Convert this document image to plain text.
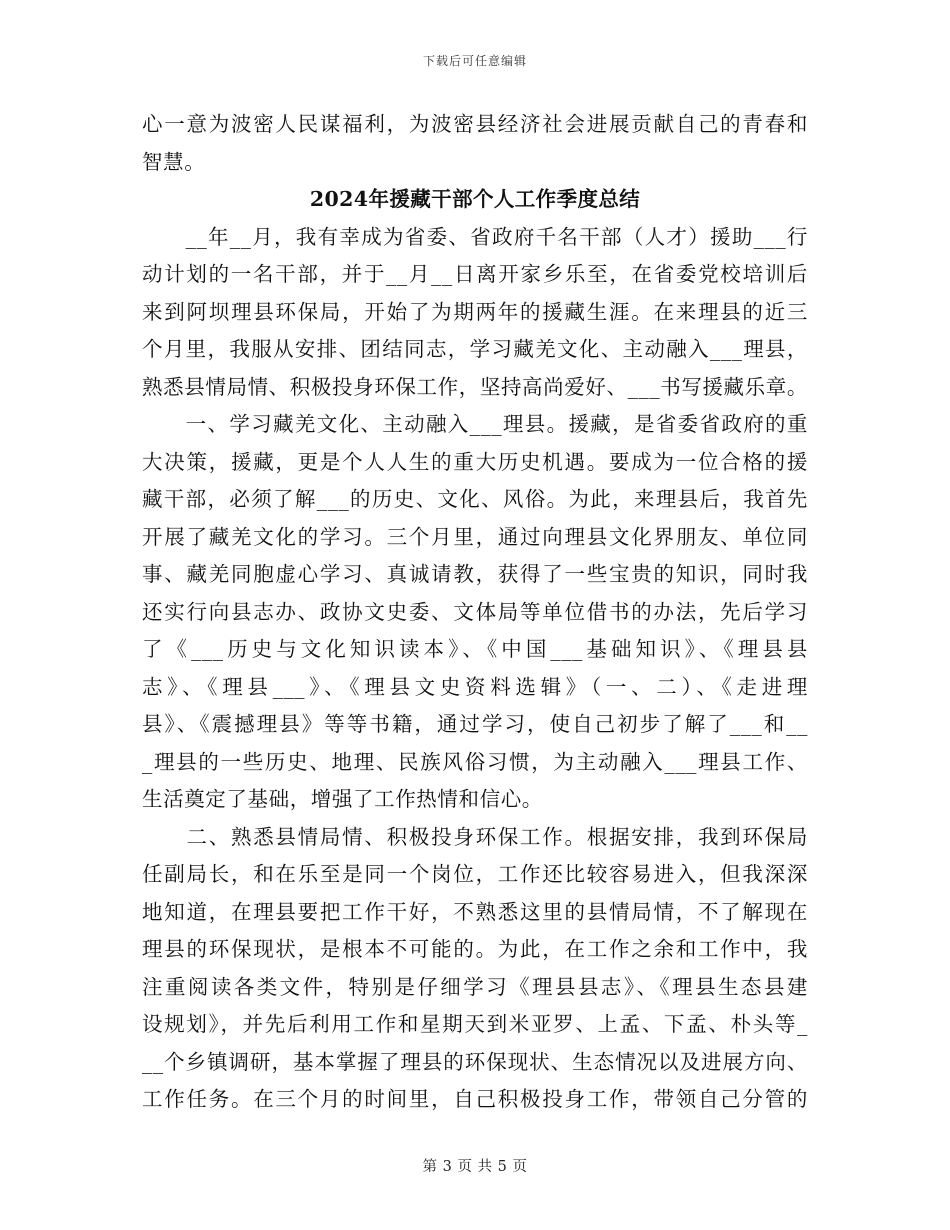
下载后可任意编辑
心一意为波密人民谋福利，为波密县经济社会进展贡献自己的青春和
智慧。
2024年援藏干部个人工作季度总结
　　__年__月，我有幸成为省委、省政府千名干部（人才）援助___行
动计划的一名干部，并于__月__日离开家乡乐至，在省委党校培训后
来到阿坝理县环保局，开始了为期两年的援藏生涯。在来理县的近三
个月里，我服从安排、团结同志，学习藏羌文化、主动融入___理县，
熟悉县情局情、积极投身环保工作，坚持高尚爱好、___书写援藏乐章。
　　一、学习藏羌文化、主动融入___理县。援藏，是省委省政府的重
大决策，援藏，更是个人人生的重大历史机遇。要成为一位合格的援
藏干部，必须了解___的历史、文化、风俗。为此，来理县后，我首先
开展了藏羌文化的学习。三个月里，通过向理县文化界朋友、单位同
事、藏羌同胞虚心学习、真诚请教，获得了一些宝贵的知识，同时我
还实行向县志办、政协文史委、文体局等单位借书的办法，先后学习
了《___历史与文化知识读本》、《中国___基础知识》、《理县县
志》、《理县___》、《理县文史资料选辑》（一、二）、《走进理
县》、《震撼理县》等等书籍，通过学习，使自己初步了解了___和__
_理县的一些历史、地理、民族风俗习惯，为主动融入___理县工作、
生活奠定了基础，增强了工作热情和信心。
　　二、熟悉县情局情、积极投身环保工作。根据安排，我到环保局
任副局长，和在乐至是同一个岗位，工作还比较容易进入，但我深深
地知道，在理县要把工作干好，不熟悉这里的县情局情，不了解现在
理县的环保现状，是根本不可能的。为此，在工作之余和工作中，我
注重阅读各类文件，特别是仔细学习《理县县志》、《理县生态县建
设规划》，并先后利用工作和星期天到米亚罗、上孟、下孟、朴头等_
__个乡镇调研，基本掌握了理县的环保现状、生态情况以及进展方向、
工作任务。在三个月的时间里，自己积极投身工作，带领自己分管的
第 3 页 共 5 页
